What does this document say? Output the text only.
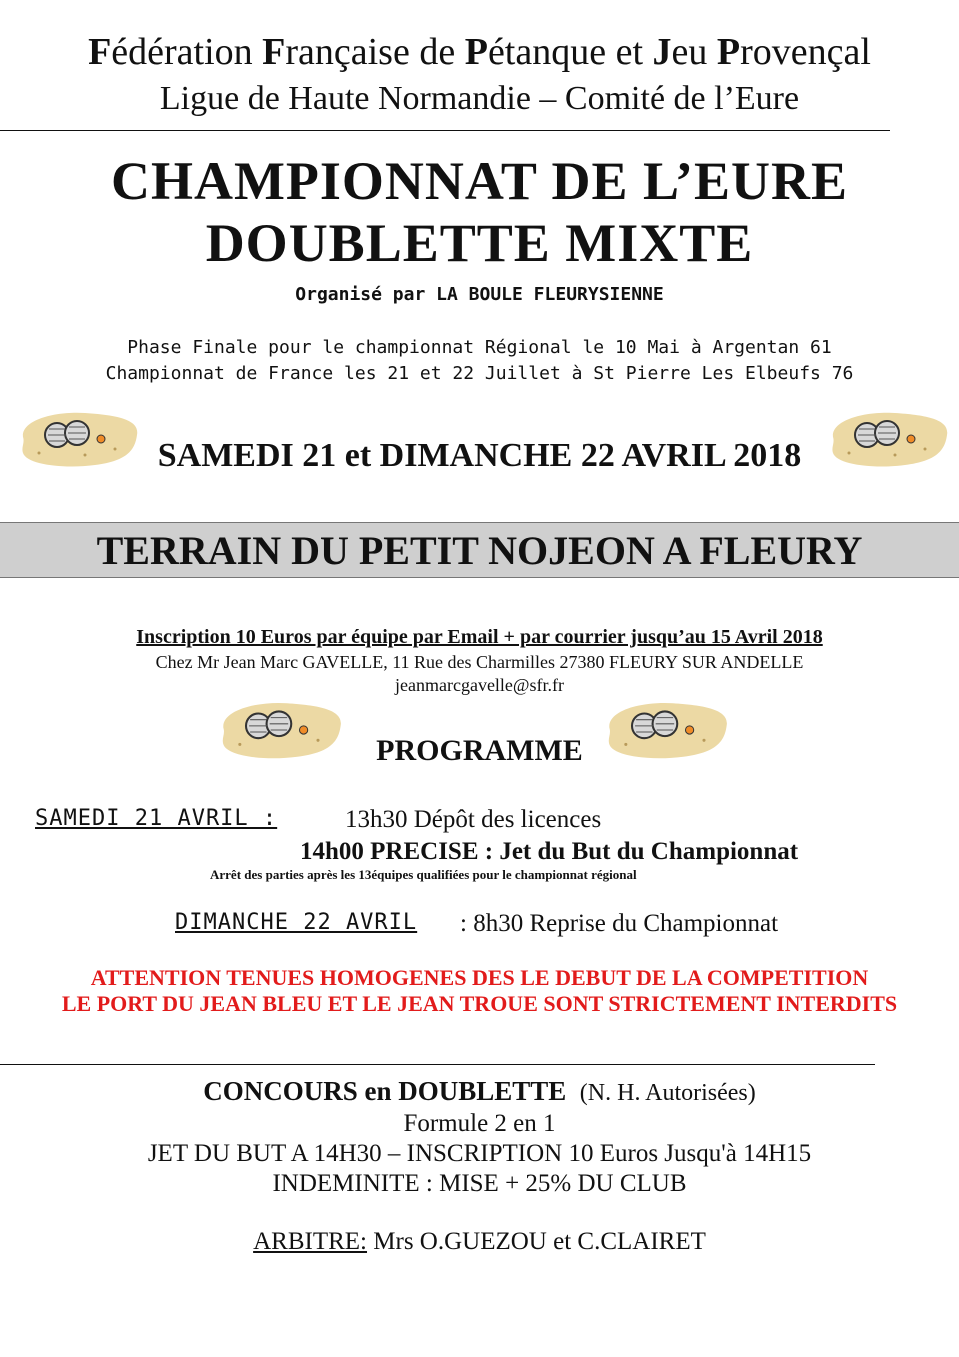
Fédération Française de Pétanque et Jeu Provençal
Ligue de Haute Normandie – Comité de l’Eure
CHAMPIONNAT DE L’EURE
DOUBLETTE MIXTE
Organisé par LA BOULE FLEURYSIENNE
Phase Finale pour le championnat Régional le 10 Mai à Argentan 61
Championnat de France les 21 et 22 Juillet à St Pierre Les Elbeufs 76
SAMEDI 21 et DIMANCHE 22 AVRIL 2018
TERRAIN DU PETIT NOJEON A FLEURY
Inscription 10 Euros par équipe par Email + par courrier jusqu’au 15 Avril 2018
Chez Mr Jean Marc GAVELLE, 11 Rue des Charmilles 27380 FLEURY SUR ANDELLE
jeanmarcgavelle@sfr.fr
PROGRAMME
SAMEDI 21 AVRIL :	13h30 Dépôt des licences
14h00 PRECISE : Jet du But du Championnat
Arrêt des parties après les 13équipes qualifiées pour le championnat régional
DIMANCHE 22 AVRIL : 8h30 Reprise du Championnat
ATTENTION TENUES HOMOGENES DES LE DEBUT DE LA COMPETITION
LE PORT DU JEAN BLEU ET LE JEAN TROUE SONT STRICTEMENT INTERDITS
CONCOURS en DOUBLETTE (N. H. Autorisées)
Formule 2 en 1
JET DU BUT A 14H30 – INSCRIPTION 10 Euros Jusqu'à 14H15
INDEMINITE : MISE + 25% DU CLUB
ARBITRE: Mrs O.GUEZOU et C.CLAIRET
